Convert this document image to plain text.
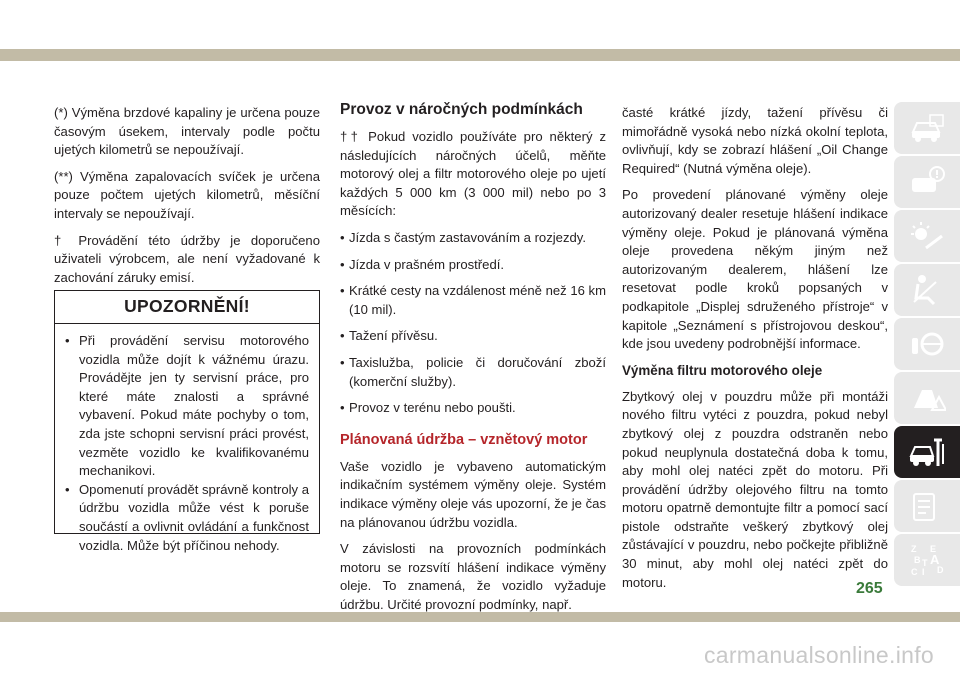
(*) Výměna brzdové kapaliny je určena pouze časovým úsekem, intervaly podle počtu ujetých kilometrů se nepoužívají.

(**) Výměna zapalovacích svíček je určena pouze počtem ujetých kilometrů, měsíční intervaly se nepoužívají.

† Provádění této údržby je doporučeno uživateli výrobcem, ale není vyžadované k zachování záruky emisí.

UPOZORNĚNÍ!
• Při provádění servisu motorového vozidla může dojít k vážnému úrazu. Provádějte jen ty servisní práce, pro které máte znalosti a správné vybavení. Pokud máte pochyby o tom, zda jste schopni servisní práci provést, vezměte vozidlo ke kvalifikovanému mechanikovi.
• Opomenutí provádět správně kontroly a údržbu vozidla může vést k poruše součástí a ovlivnit ovládání a funkčnost vozidla. Může být příčinou nehody.
Provoz v náročných podmínkách

†† Pokud vozidlo používáte pro některý z následujících náročných účelů, měňte motorový olej a filtr motorového oleje po ujetí každých 5 000 km (3 000 mil) nebo po 3 měsících:

• Jízda s častým zastavováním a rozjezdy.
• Jízda v prašném prostředí.
• Krátké cesty na vzdálenost méně než 16 km (10 mil).
• Tažení přívěsu.
• Taxislužba, policie či doručování zboží (komerční služby).
• Provoz v terénu nebo poušti.
Plánovaná údržba – vznětový motor

Vaše vozidlo je vybaveno automatickým indikačním systémem výměny oleje. Systém indikace výměny oleje vás upozorní, že je čas na plánovanou údržbu vozidla.

V závislosti na provozních podmínkách motoru se rozsvítí hlášení indikace výměny oleje. To znamená, že vozidlo vyžaduje údržbu. Určité provozní podmínky, např.

časté krátké jízdy, tažení přívěsu či mimořádně vysoká nebo nízká okolní teplota, ovlivňují, kdy se zobrazí hlášení „Oil Change Required“ (Nutná výměna oleje).

Po provedení plánované výměny oleje autorizovaný dealer resetuje hlášení indikace výměny oleje. Pokud je plánovaná výměna oleje provedena někým jiným než autorizovaným dealerem, hlášení lze resetovat podle kroků popsaných v podkapitole „Displej sdruženého přístroje“ v kapitole „Seznámení s přístrojovou deskou“, kde jsou uvedeny podrobnější informace.

Výměna filtru motorového oleje

Zbytkový olej v pouzdru může při montáži nového filtru vytéci z pouzdra, pokud nebyl zbytkový olej z pouzdra odstraněn nebo pokud neuplynula dostatečná doba k tomu, aby mohl olej natéci zpět do motoru. Při provádění údržby olejového filtru na tomto motoru opatrně demontujte filtr a pomocí sací pistole odstraňte veškerý zbytkový olej zůstávající v pouzdru, nebo počkejte přibližně 30 minut, aby mohl olej natéci zpět do motoru.

Z E
B A
C D
I
T
265
carmanualsonline.info
